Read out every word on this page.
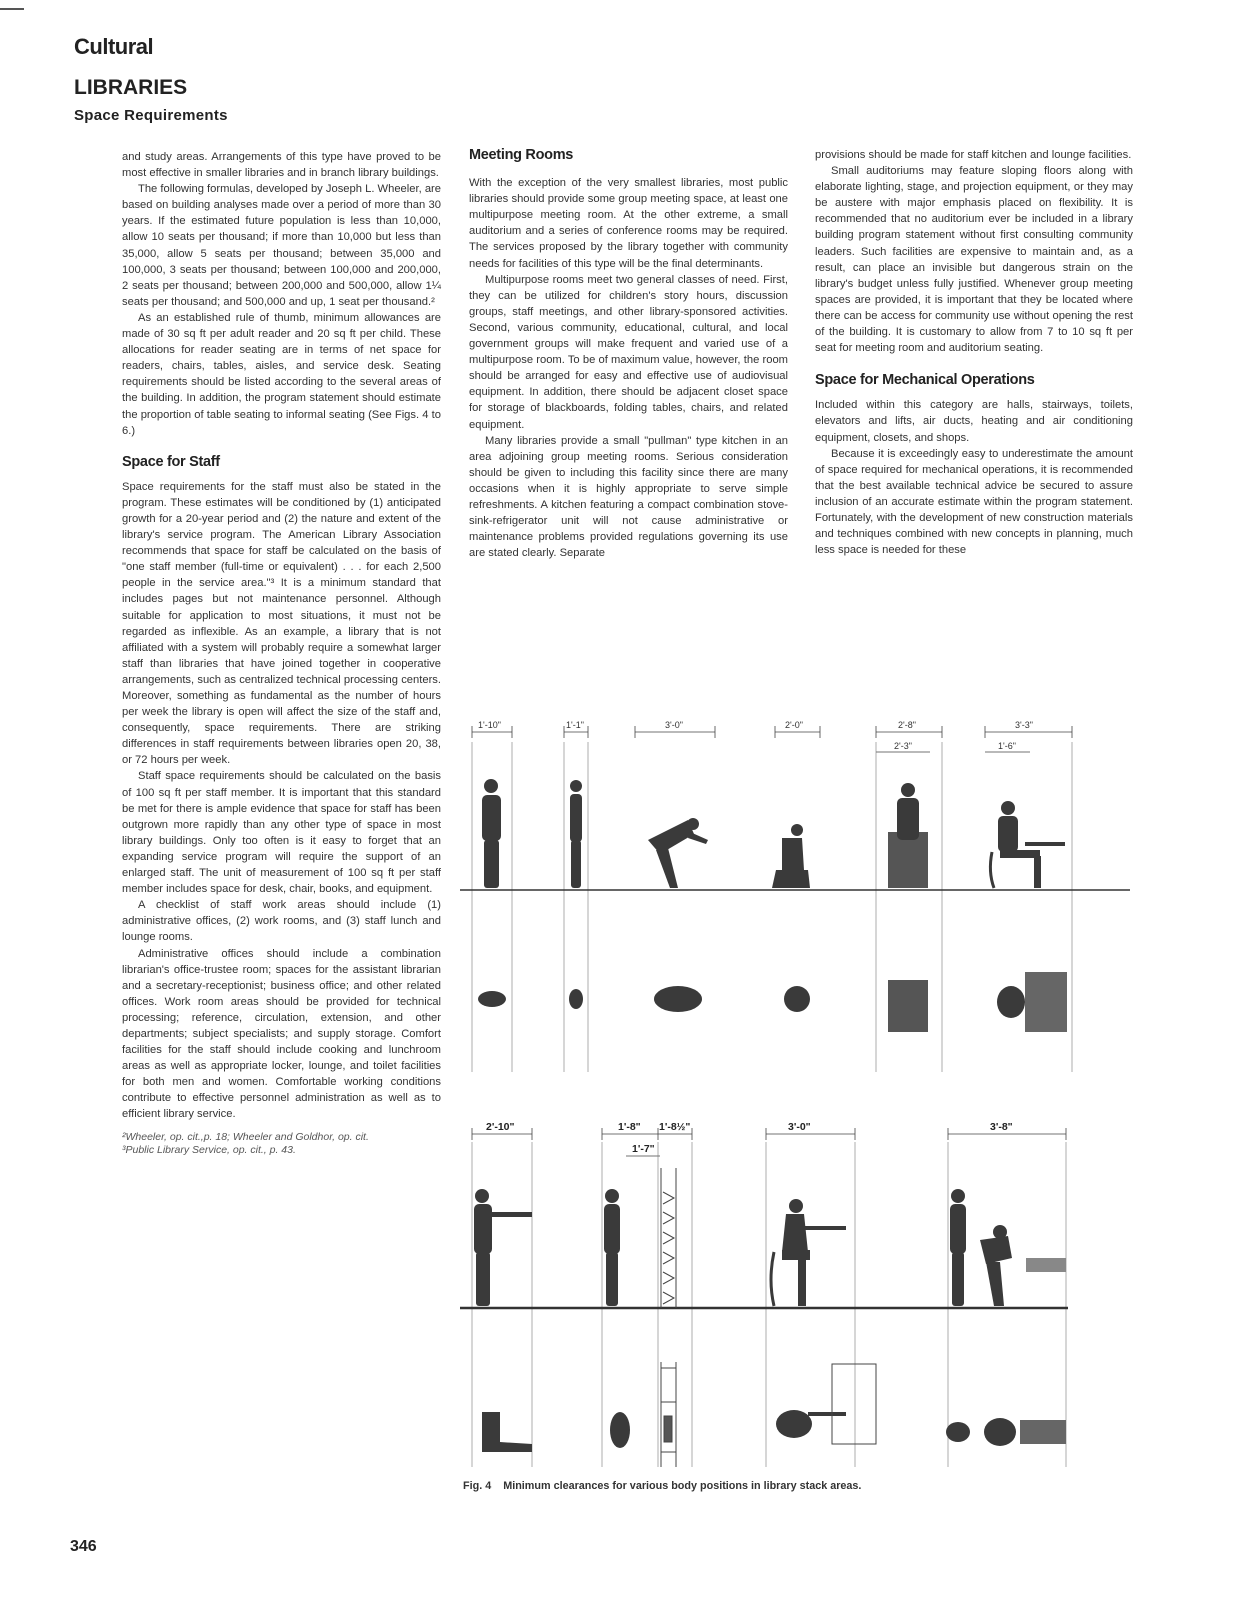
Cultural
LIBRARIES
Space Requirements

and study areas. Arrangements of this type have proved to be most effective in smaller libraries and in branch library buildings.

The following formulas, developed by Joseph L. Wheeler, are based on building analyses made over a period of more than 30 years. If the estimated future population is less than 10,000, allow 10 seats per thousand; if more than 10,000 but less than 35,000, allow 5 seats per thousand; between 35,000 and 100,000, 3 seats per thousand; between 100,000 and 200,000, 2 seats per thousand; between 200,000 and 500,000, allow 1¼ seats per thousand; and 500,000 and up, 1 seat per thousand.²

As an established rule of thumb, minimum allowances are made of 30 sq ft per adult reader and 20 sq ft per child. These allocations for reader seating are in terms of net space for readers, chairs, tables, aisles, and service desk. Seating requirements should be listed according to the several areas of the building. In addition, the program statement should estimate the proportion of table seating to informal seating (See Figs. 4 to 6.)

Space for Staff

Space requirements for the staff must also be stated in the program. These estimates will be conditioned by (1) anticipated growth for a 20-year period and (2) the nature and extent of the library's service program. The American Library Association recommends that space for staff be calculated on the basis of "one staff member (full-time or equivalent) . . . for each 2,500 people in the service area."³ It is a minimum standard that includes pages but not maintenance personnel. Although suitable for application to most situations, it must not be regarded as inflexible. As an example, a library that is not affiliated with a system will probably require a somewhat larger staff than libraries that have joined together in cooperative arrangements, such as centralized technical processing centers. Moreover, something as fundamental as the number of hours per week the library is open will affect the size of the staff and, consequently, space requirements. There are striking differences in staff requirements between libraries open 20, 38, or 72 hours per week.

Staff space requirements should be calculated on the basis of 100 sq ft per staff member. It is important that this standard be met for there is ample evidence that space for staff has been outgrown more rapidly than any other type of space in most library buildings. Only too often is it easy to forget that an expanding service program will require the support of an enlarged staff. The unit of measurement of 100 sq ft per staff member includes space for desk, chair, books, and equipment.

A checklist of staff work areas should include (1) administrative offices, (2) work rooms, and (3) staff lunch and lounge rooms.

Administrative offices should include a combination librarian's office-trustee room; spaces for the assistant librarian and a secretary-receptionist; business office; and other related offices. Work room areas should be provided for technical processing; reference, circulation, extension, and other departments; subject specialists; and supply storage. Comfort facilities for the staff should include cooking and lunchroom areas as well as appropriate locker, lounge, and toilet facilities for both men and women. Comfortable working conditions contribute to effective personnel administration as well as to efficient library service.

²Wheeler, op. cit.,p. 18; Wheeler and Goldhor, op. cit.

³Public Library Service, op. cit., p. 43.

Meeting Rooms

With the exception of the very smallest libraries, most public libraries should provide some group meeting space, at least one multipurpose meeting room. At the other extreme, a small auditorium and a series of conference rooms may be required. The services proposed by the library together with community needs for facilities of this type will be the final determinants.

Multipurpose rooms meet two general classes of need. First, they can be utilized for children's story hours, discussion groups, staff meetings, and other library-sponsored activities. Second, various community, educational, cultural, and local government groups will make frequent and varied use of a multipurpose room. To be of maximum value, however, the room should be arranged for easy and effective use of audiovisual equipment. In addition, there should be adjacent closet space for storage of blackboards, folding tables, chairs, and related equipment.

Many libraries provide a small "pullman" type kitchen in an area adjoining group meeting rooms. Serious consideration should be given to including this facility since there are many occasions when it is highly appropriate to serve simple refreshments. A kitchen featuring a compact combination stove-sink-refrigerator unit will not cause administrative or maintenance problems provided regulations governing its use are stated clearly. Separate

provisions should be made for staff kitchen and lounge facilities.

Small auditoriums may feature sloping floors along with elaborate lighting, stage, and projection equipment, or they may be austere with major emphasis placed on flexibility. It is recommended that no auditorium ever be included in a library building program statement without first consulting community leaders. Such facilities are expensive to maintain and, as a result, can place an invisible but dangerous strain on the library's budget unless fully justified. Whenever group meeting spaces are provided, it is important that they be located where there can be access for community use without opening the rest of the building. It is customary to allow from 7 to 10 sq ft per seat for meeting room and auditorium seating.

Space for Mechanical Operations

Included within this category are halls, stairways, toilets, elevators and lifts, air ducts, heating and air conditioning equipment, closets, and shops.

Because it is exceedingly easy to underestimate the amount of space required for mechanical operations, it is recommended that the best available technical advice be secured to assure inclusion of an accurate estimate within the program statement. Fortunately, with the development of new construction materials and techniques combined with new concepts in planning, much less space is needed for these

1'-10"	1'-1"	3'-0"	2'-0"	2'-8"
2'-3"
3'-3"
1'-6"
2'-10"	1'-8" 1'-8½"
1'-7"
3'-0"	3'-8"
Fig. 4 Minimum clearances for various body positions in library stack areas.
346
